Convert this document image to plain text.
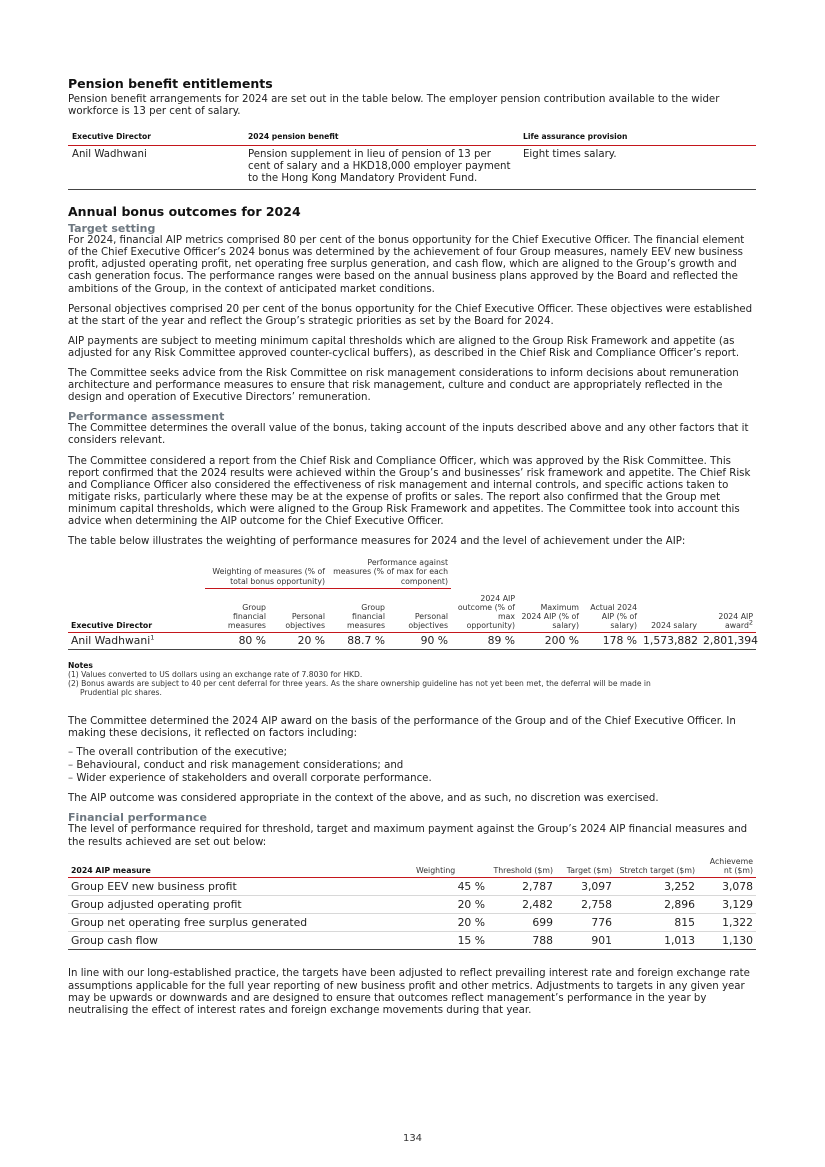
Pension benefit entitlements

Pension benefit arrangements for 2024 are set out in the table below. The employer pension contribution available to the wider workforce is 13 per cent of salary.

Executive Director	2024 pension benefit	Life assurance provision
Anil Wadhwani	Pension supplement in lieu of pension of 13 per cent of salary and a HKD18,000 employer payment to the Hong Kong Mandatory Provident Fund.	Eight times salary.
Annual bonus outcomes for 2024
Target setting

For 2024, financial AIP metrics comprised 80 per cent of the bonus opportunity for the Chief Executive Officer. The financial element of the Chief Executive Officer’s 2024 bonus was determined by the achievement of four Group measures, namely EEV new business profit, adjusted operating profit, net operating free surplus generation, and cash flow, which are aligned to the Group’s growth and cash generation focus. The performance ranges were based on the annual business plans approved by the Board and reflected the ambitions of the Group, in the context of anticipated market conditions.

Personal objectives comprised 20 per cent of the bonus opportunity for the Chief Executive Officer. These objectives were established at the start of the year and reflect the Group’s strategic priorities as set by the Board for 2024.

AIP payments are subject to meeting minimum capital thresholds which are aligned to the Group Risk Framework and appetite (as adjusted for any Risk Committee approved counter-cyclical buffers), as described in the Chief Risk and Compliance Officer’s report.

The Committee seeks advice from the Risk Committee on risk management considerations to inform decisions about remuneration architecture and performance measures to ensure that risk management, culture and conduct are appropriately reflected in the design and operation of Executive Directors’ remuneration.

Performance assessment

The Committee determines the overall value of the bonus, taking account of the inputs described above and any other factors that it considers relevant.

The Committee considered a report from the Chief Risk and Compliance Officer, which was approved by the Risk Committee. This report confirmed that the 2024 results were achieved within the Group’s and businesses’ risk framework and appetite. The Chief Risk and Compliance Officer also considered the effectiveness of risk management and internal controls, and specific actions taken to mitigate risks, particularly where these may be at the expense of profits or sales. The report also confirmed that the Group met minimum capital thresholds, which were aligned to the Group Risk Framework and appetites. The Committee took into account this advice when determining the AIP outcome for the Chief Executive Officer.

The table below illustrates the weighting of performance measures for 2024 and the level of achievement under the AIP:

	Weighting of measures (% of total bonus opportunity)		Performance against measures (% of max for each component)						
Executive Director	Group financial measures	Personal objectives	Group financial measures	Personal objectives	2024 AIP outcome (% of max opportunity)	Maximum 2024 AIP (% of salary)	Actual 2024 AIP (% of salary)	2024 salary	2024 AIP award$^2$
Anil Wadhwani$^1$	80 %	20 %	88.7 %	90 %	89 %	200 %	178 %	1,573,882	2,801,394
Notes
(1) Values converted to US dollars using an exchange rate of 7.8030 for HKD.
(2) Bonus awards are subject to 40 per cent deferral for three years. As the share ownership guideline has not yet been met, the deferral will be made in
Prudential plc shares.

The Committee determined the 2024 AIP award on the basis of the performance of the Group and of the Chief Executive Officer. In making these decisions, it reflected on factors including:

– The overall contribution of the executive;
– Behavioural, conduct and risk management considerations; and
– Wider experience of stakeholders and overall corporate performance.

The AIP outcome was considered appropriate in the context of the above, and as such, no discretion was exercised.

Financial performance

The level of performance required for threshold, target and maximum payment against the Group’s 2024 AIP financial measures and the results achieved are set out below:

2024 AIP measure	Weighting	Threshold ($m)	Target ($m)	Stretch target ($m)	Achieveme nt ($m)
Group EEV new business profit	45 %	2,787	3,097	3,252	3,078
Group adjusted operating profit	20 %	2,482	2,758	2,896	3,129
Group net operating free surplus generated	20 %	699	776	815	1,322
Group cash flow	15 %	788	901	1,013	1,130

In line with our long-established practice, the targets have been adjusted to reflect prevailing interest rate and foreign exchange rate assumptions applicable for the full year reporting of new business profit and other metrics. Adjustments to targets in any given year may be upwards or downwards and are designed to ensure that outcomes reflect management’s performance in the year by neutralising the effect of interest rates and foreign exchange movements during that year.

134
